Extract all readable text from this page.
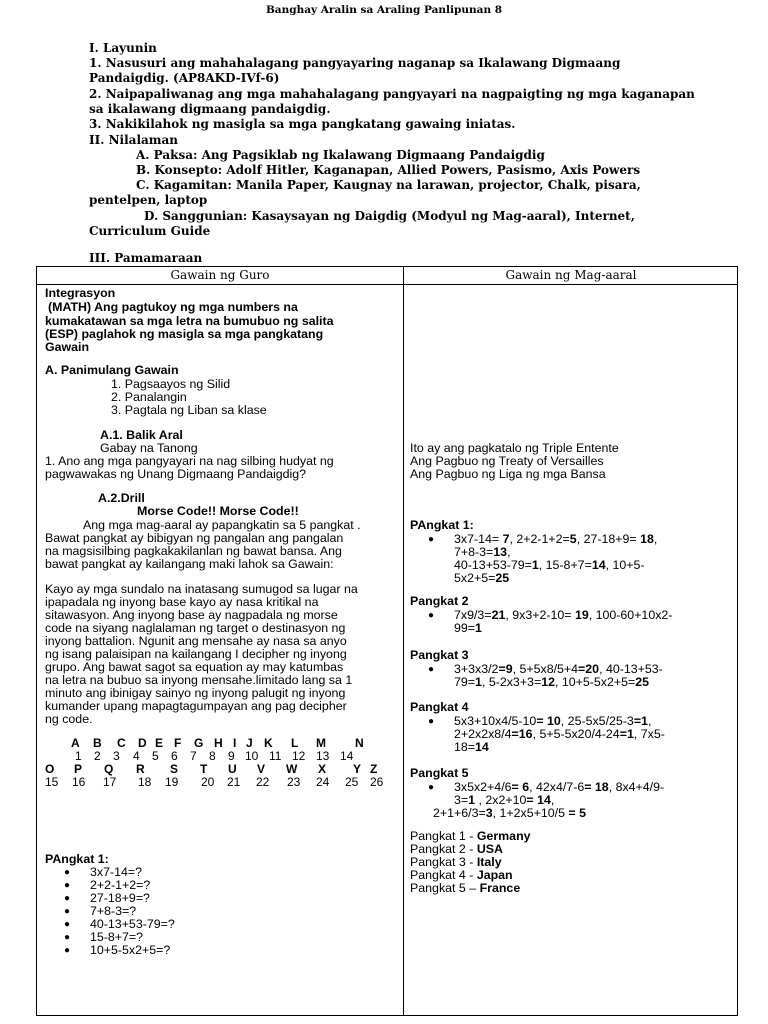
Banghay Aralin sa Araling Panlipunan 8
I. Layunin
1. Nasusuri ang mahahalagang pangyayaring naganap sa Ikalawang Digmaang
Pandaigdig. (AP8AKD-IVf-6)
2. Naipapaliwanag ang mga mahahalagang pangyayari na nagpaigting ng mga kaganapan
sa ikalawang digmaang pandaigdig.
3. Nakikilahok ng masigla sa mga pangkatang gawaing iniatas.
II. Nilalaman
A. Paksa: Ang Pagsiklab ng Ikalawang Digmaang Pandaigdig
B. Konsepto: Adolf Hitler, Kaganapan, Allied Powers, Pasismo, Axis Powers
C. Kagamitan: Manila Paper, Kaugnay na larawan, projector, Chalk, pisara,
pentelpen, laptop
D. Sanggunian: Kasaysayan ng Daigdig (Modyul ng Mag-aaral), Internet,
Curriculum Guide
III. Pamamaraan
Gawain ng Guro	Gawain ng Mag-aaral
Integrasyon
(MATH) Ang pagtukoy ng mga numbers na
kumakatawan sa mga letra na bumubuo ng salita
(ESP) paglahok ng masigla sa mga pangkatang
Gawain
A. Panimulang Gawain
1. Pagsaayos ng Silid
2. Panalangin
3. Pagtala ng Liban sa klase
A.1. Balik Aral
Gabay na Tanong
1. Ano ang mga pangyayari na nag silbing hudyat ng
pagwawakas ng Unang Digmaang Pandaigdig?
A.2.Drill
Morse Code!! Morse Code!!
Ang mga mag-aaral ay papangkatin sa 5 pangkat .
Bawat pangkat ay bibigyan ng pangalan ang pangalan
na magsisilbing pagkakakilanlan ng bawat bansa. Ang
bawat pangkat ay kailangang maki lahok sa Gawain:
Kayo ay mga sundalo na inatasang sumugod sa lugar na
ipapadala ng inyong base kayo ay nasa kritikal na
sitawasyon. Ang inyong base ay nagpadala ng morse
code na siyang naglalaman ng target o destinasyon ng
inyong battalion. Ngunit ang mensahe ay nasa sa anyo
ng isang palaisipan na kailangang I decipher ng inyong
grupo. Ang bawat sagot sa equation ay may katumbas
na letra na bubuo sa inyong mensahe.limitado lang sa 1
minuto ang ibinigay sainyo ng inyong palugit ng inyong
kumander upang mapagtagumpayan ang pag decipher
ng code.
A B C D E F G H I J K L M N
1 2 3 4 5 6 7 8 9 10 11 12 13 14
O P Q R S T U V W X Y Z
15 16 17 18 19 20 21 22 23 24 25 26
PAngkat 1:
● 3x7-14=?
● 2+2-1+2=?
● 27-18+9=?
● 7+8-3=?
● 40-13+53-79=?
● 15-8+7=?
● 10+5-5x2+5=?
Ito ay ang pagkatalo ng Triple Entente
Ang Pagbuo ng Treaty of Versailles
Ang Pagbuo ng Liga ng mga Bansa
PAngkat 1:
● 3x7-14= 7, 2+2-1+2=5, 27-18+9= 18,
7+8-3=13,
40-13+53-79=1, 15-8+7=14, 10+5-
5x2+5=25
Pangkat 2
● 7x9/3=21, 9x3+2-10= 19, 100-60+10x2-
99=1
Pangkat 3
● 3+3x3/2=9, 5+5x8/5+4=20, 40-13+53-
79=1, 5-2x3+3=12, 10+5-5x2+5=25
Pangkat 4
● 5x3+10x4/5-10= 10, 25-5x5/25-3=1,
2+2x2x8/4=16, 5+5-5x20/4-24=1, 7x5-
18=14
Pangkat 5
● 3x5x2+4/6= 6, 42x4/7-6= 18, 8x4+4/9-
3=1 , 2x2+10= 14,
2+1+6/3=3, 1+2x5+10/5 = 5
Pangkat 1 - Germany
Pangkat 2 - USA
Pangkat 3 - Italy
Pangkat 4 - Japan
Pangkat 5 – France
